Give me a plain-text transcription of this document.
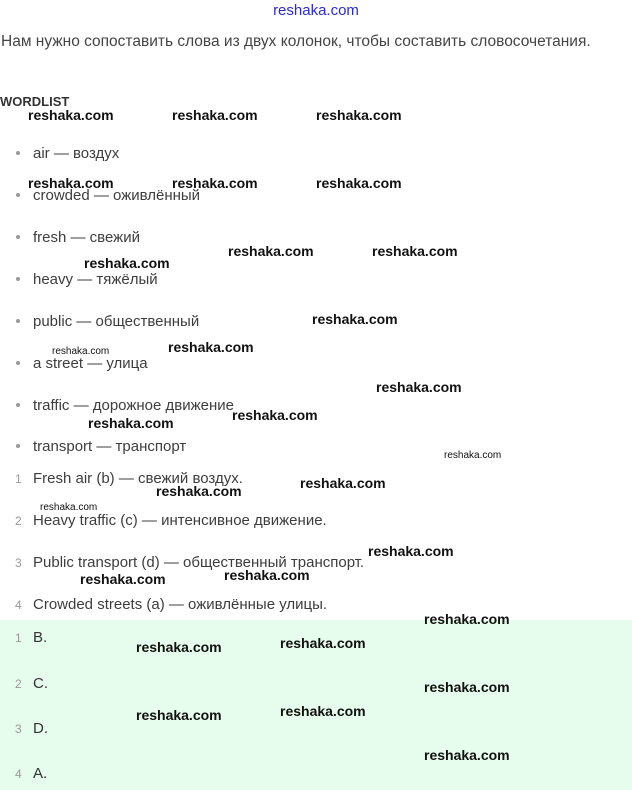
reshaka.com
Нам нужно сопоставить слова из двух колонок, чтобы составить словосочетания.
WORDLIST
air — воздух
crowded — оживлённый
fresh — свежий
heavy — тяжёлый
public — общественный
a street — улица
traffic — дорожное движение
transport — транспорт
1 Fresh air (b) — свежий воздух.
2 Heavy traffic (c) — интенсивное движение.
3 Public transport (d) — общественный транспорт.
4 Crowded streets (a) — оживлённые улицы.
1 B.
2 C.
3 D.
4 A.
reshaka.com	reshaka.com	reshaka.com
reshaka.com	reshaka.com	reshaka.com
reshaka.com	reshaka.com
reshaka.com
reshaka.com
reshaka.com	reshaka.com
reshaka.com
reshaka.com
reshaka.com
reshaka.com
reshaka.com
reshaka.com
reshaka.com
reshaka.com
reshaka.com
reshaka.com
reshaka.com
reshaka.com
reshaka.com
reshaka.com
reshaka.com
reshaka.com
reshaka.com
